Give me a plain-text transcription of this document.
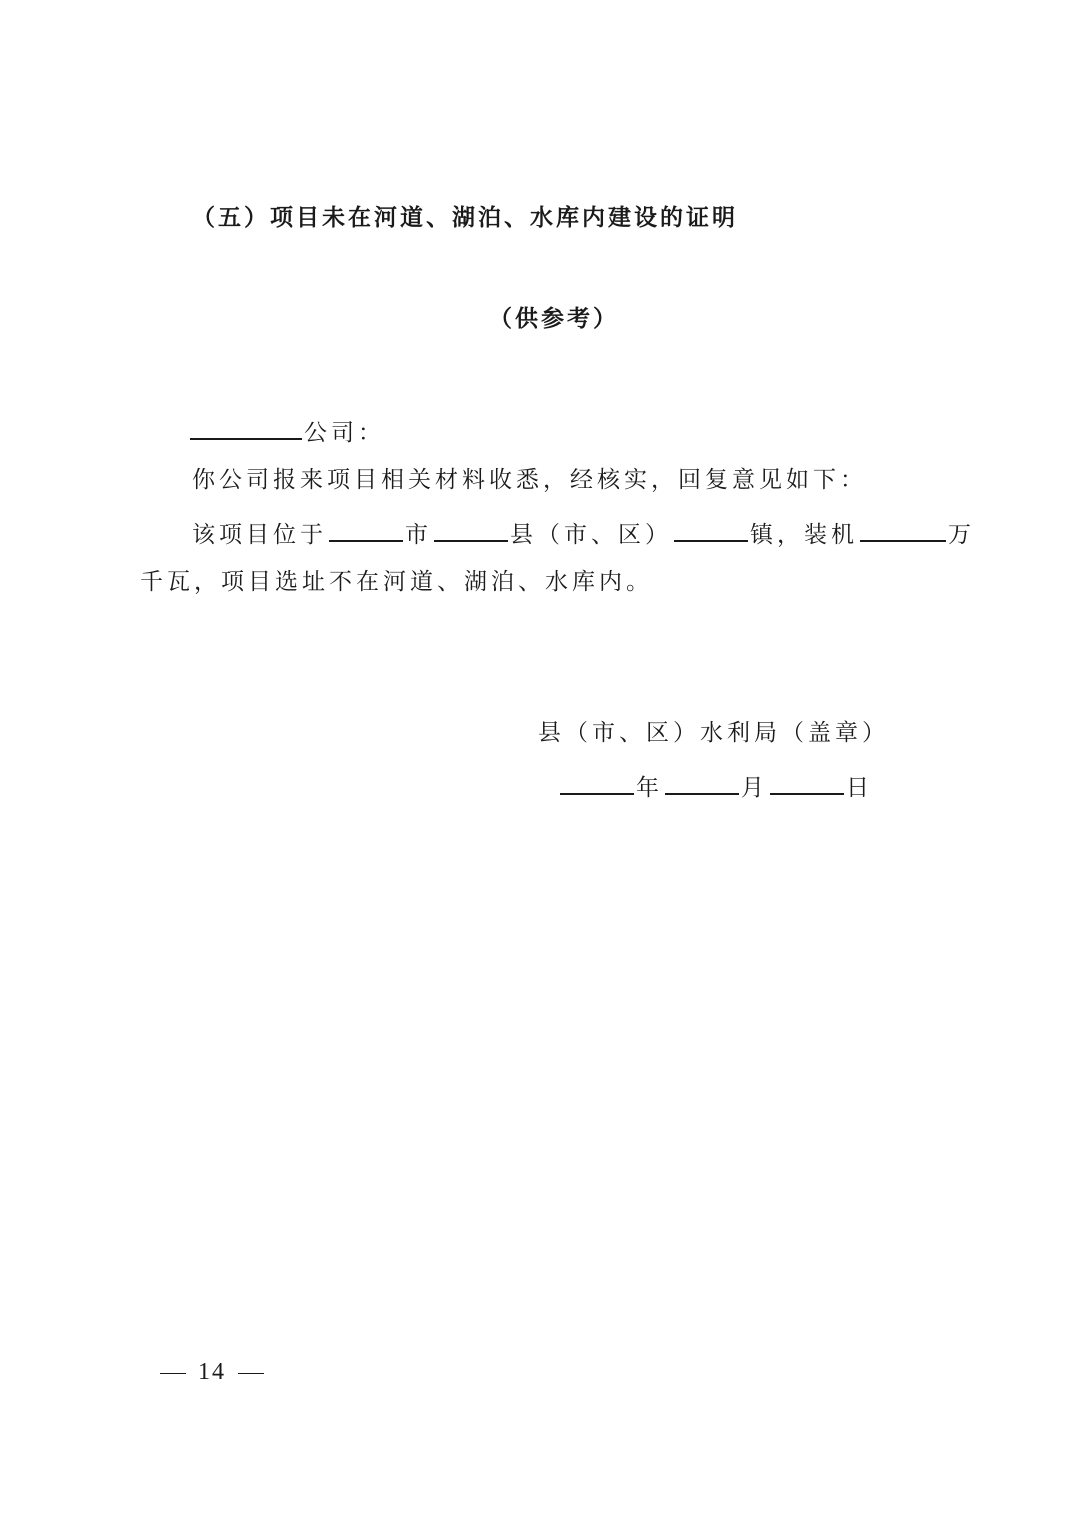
（五）项目未在河道、湖泊、水库内建设的证明
（供参考）
公司：
你公司报来项目相关材料收悉，经核实，回复意见如下：
该项目位于	市	县（市、区）	镇，装机	万
千瓦，项目选址不在河道、湖泊、水库内。
县（市、区）水利局（盖章）
年	月	日
14
